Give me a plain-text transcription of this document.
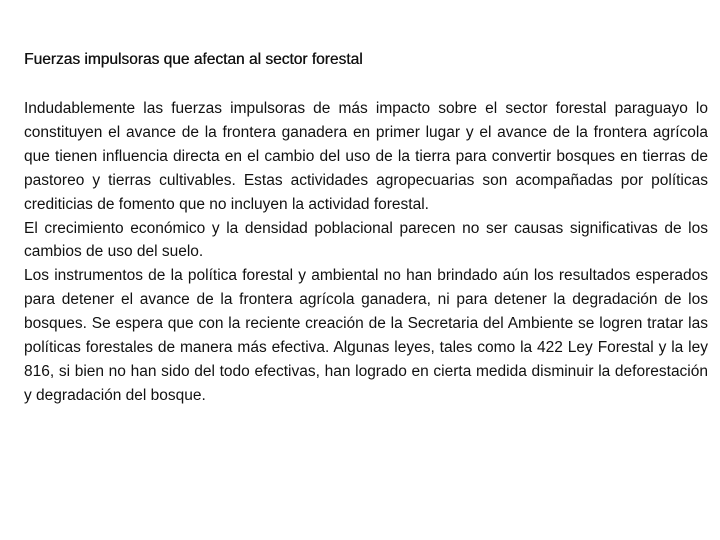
Fuerzas impulsoras que afectan al sector forestal

Indudablemente las fuerzas impulsoras de más impacto sobre el sector forestal paraguayo lo constituyen el avance de la frontera ganadera en primer lugar y el avance de la frontera agrícola que tienen influencia directa en el cambio del uso de la tierra para convertir bosques en tierras de pastoreo y tierras cultivables. Estas actividades agropecuarias son acompañadas por políticas crediticias de fomento que no incluyen la actividad forestal.

El crecimiento económico y la densidad poblacional parecen no ser causas significativas de los cambios de uso del suelo.

Los instrumentos de la política forestal y ambiental no han brindado aún los resultados esperados para detener el avance de la frontera agrícola ganadera, ni para detener la degradación de los bosques. Se espera que con la reciente creación de la Secretaria del Ambiente se logren tratar las políticas forestales de manera más efectiva. Algunas leyes, tales como la 422 Ley Forestal y la ley 816, si bien no han sido del todo efectivas, han logrado en cierta medida disminuir la deforestación y degradación del bosque.
